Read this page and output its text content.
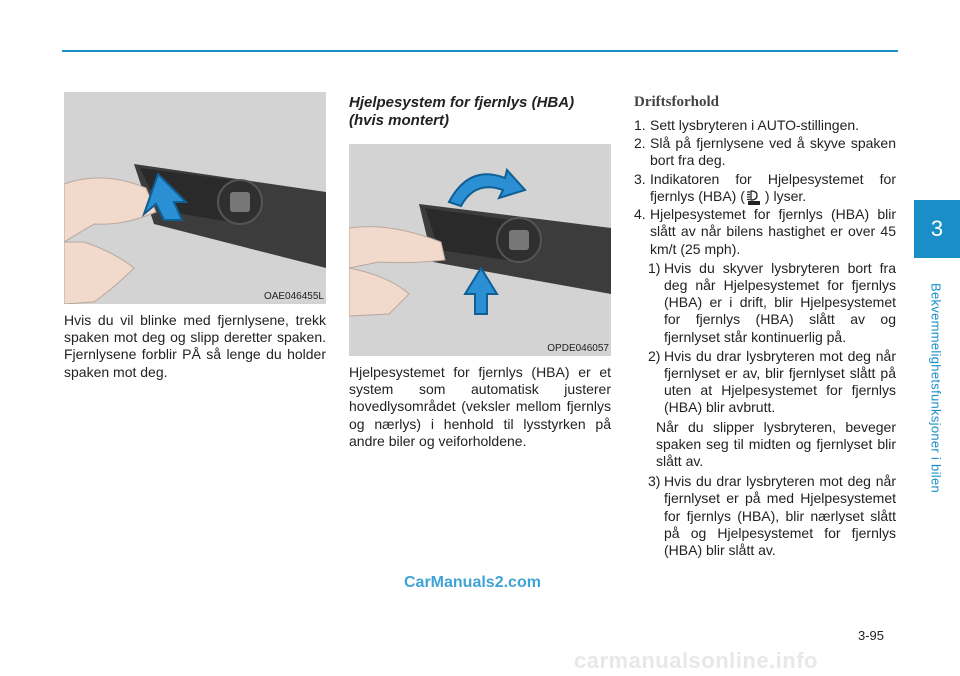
3
Bekvemmelighetsfunksjoner i bilen
OAE046455L

Hvis du vil blinke med fjernlysene, trekk spaken mot deg og slipp deretter spaken. Fjernlysene forblir PÅ så lenge du holder spaken mot deg.

Hjelpesystem for fjernlys (HBA) (hvis montert)
OPDE046057

Hjelpesystemet for fjernlys (HBA) er et system som automatisk justerer hovedlysområdet (veksler mellom fjernlys og nærlys) i henhold til lysstyrken på andre biler og veiforholdene.

Driftsforhold
1. Sett lysbryteren i AUTO-stillingen.
2. Slå på fjernlysene ved å skyve spaken bort fra deg.
3. Indikatoren for Hjelpesystemet for fjernlys (HBA) ( ) lyser.
4. Hjelpesystemet for fjernlys (HBA) blir slått av når bilens hastighet er over 45 km/t (25 mph).
1) Hvis du skyver lysbryteren bort fra deg når Hjelpesystemet for fjernlys (HBA) er i drift, blir Hjelpesystemet for fjernlys (HBA) slått av og fjernlyset står kontinuerlig på.
2) Hvis du drar lysbryteren mot deg når fjernlyset er av, blir fjernlyset slått på uten at Hjelpesystemet for fjernlys (HBA) blir avbrutt.
Når du slipper lysbryteren, beveger spaken seg til midten og fjernlyset blir slått av.
3) Hvis du drar lysbryteren mot deg når fjernlyset er på med Hjelpesystemet for fjernlys (HBA), blir nærlyset slått på og Hjelpesystemet for fjernlys (HBA) blir slått av.
3-95
CarManuals2.com
carmanualsonline.info
